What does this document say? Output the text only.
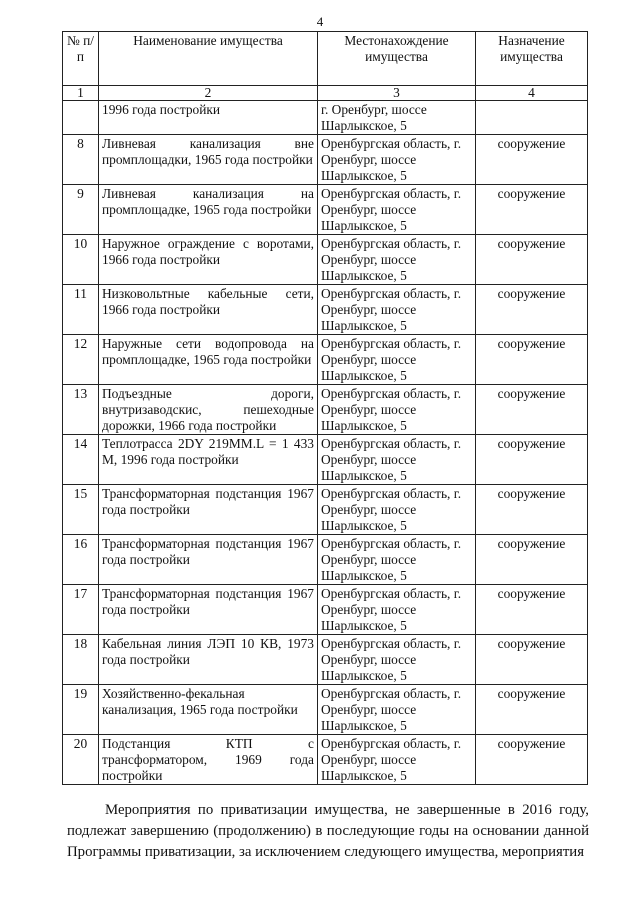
4
№ п/п	Наименование имущества	Местонахождение имущества	Назначение имущества
1	2	3	4
	1996 года постройки	г. Оренбург, шоссе Шарлыкское, 5	
8	Ливневая канализация вне промплощадки, 1965 года постройки	Оренбургская область, г. Оренбург, шоссе Шарлыкское, 5	сооружение
9	Ливневая канализация на промплощадке, 1965 года постройки	Оренбургская область, г. Оренбург, шоссе Шарлыкское, 5	сооружение
10	Наружное ограждение с воротами, 1966 года постройки	Оренбургская область, г. Оренбург, шоссе Шарлыкское, 5	сооружение
11	Низковольтные кабельные сети, 1966 года постройки	Оренбургская область, г. Оренбург, шоссе Шарлыкское, 5	сооружение
12	Наружные сети водопровода на промплощадке, 1965 года постройки	Оренбургская область, г. Оренбург, шоссе Шарлыкское, 5	сооружение
13	Подъездные дороги, внутризаводскис, пешеходные дорожки, 1966 года постройки	Оренбургская область, г. Оренбург, шоссе Шарлыкское, 5	сооружение
14	Теплотрасса 2DY 219MM.L = 1 433 M, 1996 года постройки	Оренбургская область, г. Оренбург, шоссе Шарлыкское, 5	сооружение
15	Трансформаторная подстанция 1967 года постройки	Оренбургская область, г. Оренбург, шоссе Шарлыкское, 5	сооружение
16	Трансформаторная подстанция 1967 года постройки	Оренбургская область, г. Оренбург, шоссе Шарлыкское, 5	сооружение
17	Трансформаторная подстанция 1967 года постройки	Оренбургская область, г. Оренбург, шоссе Шарлыкское, 5	сооружение
18	Кабельная линия ЛЭП 10 КВ, 1973 года постройки	Оренбургская область, г. Оренбург, шоссе Шарлыкское, 5	сооружение
19	Хозяйственно-фекальная канализация, 1965 года постройки	Оренбургская область, г. Оренбург, шоссе Шарлыкское, 5	сооружение
20	Подстанция КТП с трансформатором, 1969 года постройки	Оренбургская область, г. Оренбург, шоссе Шарлыкское, 5	сооружение
Мероприятия по приватизации имущества, не завершенные в 2016 году, подлежат завершению (продолжению) в последующие годы на основании данной Программы приватизации, за исключением следующего имущества, мероприятия
